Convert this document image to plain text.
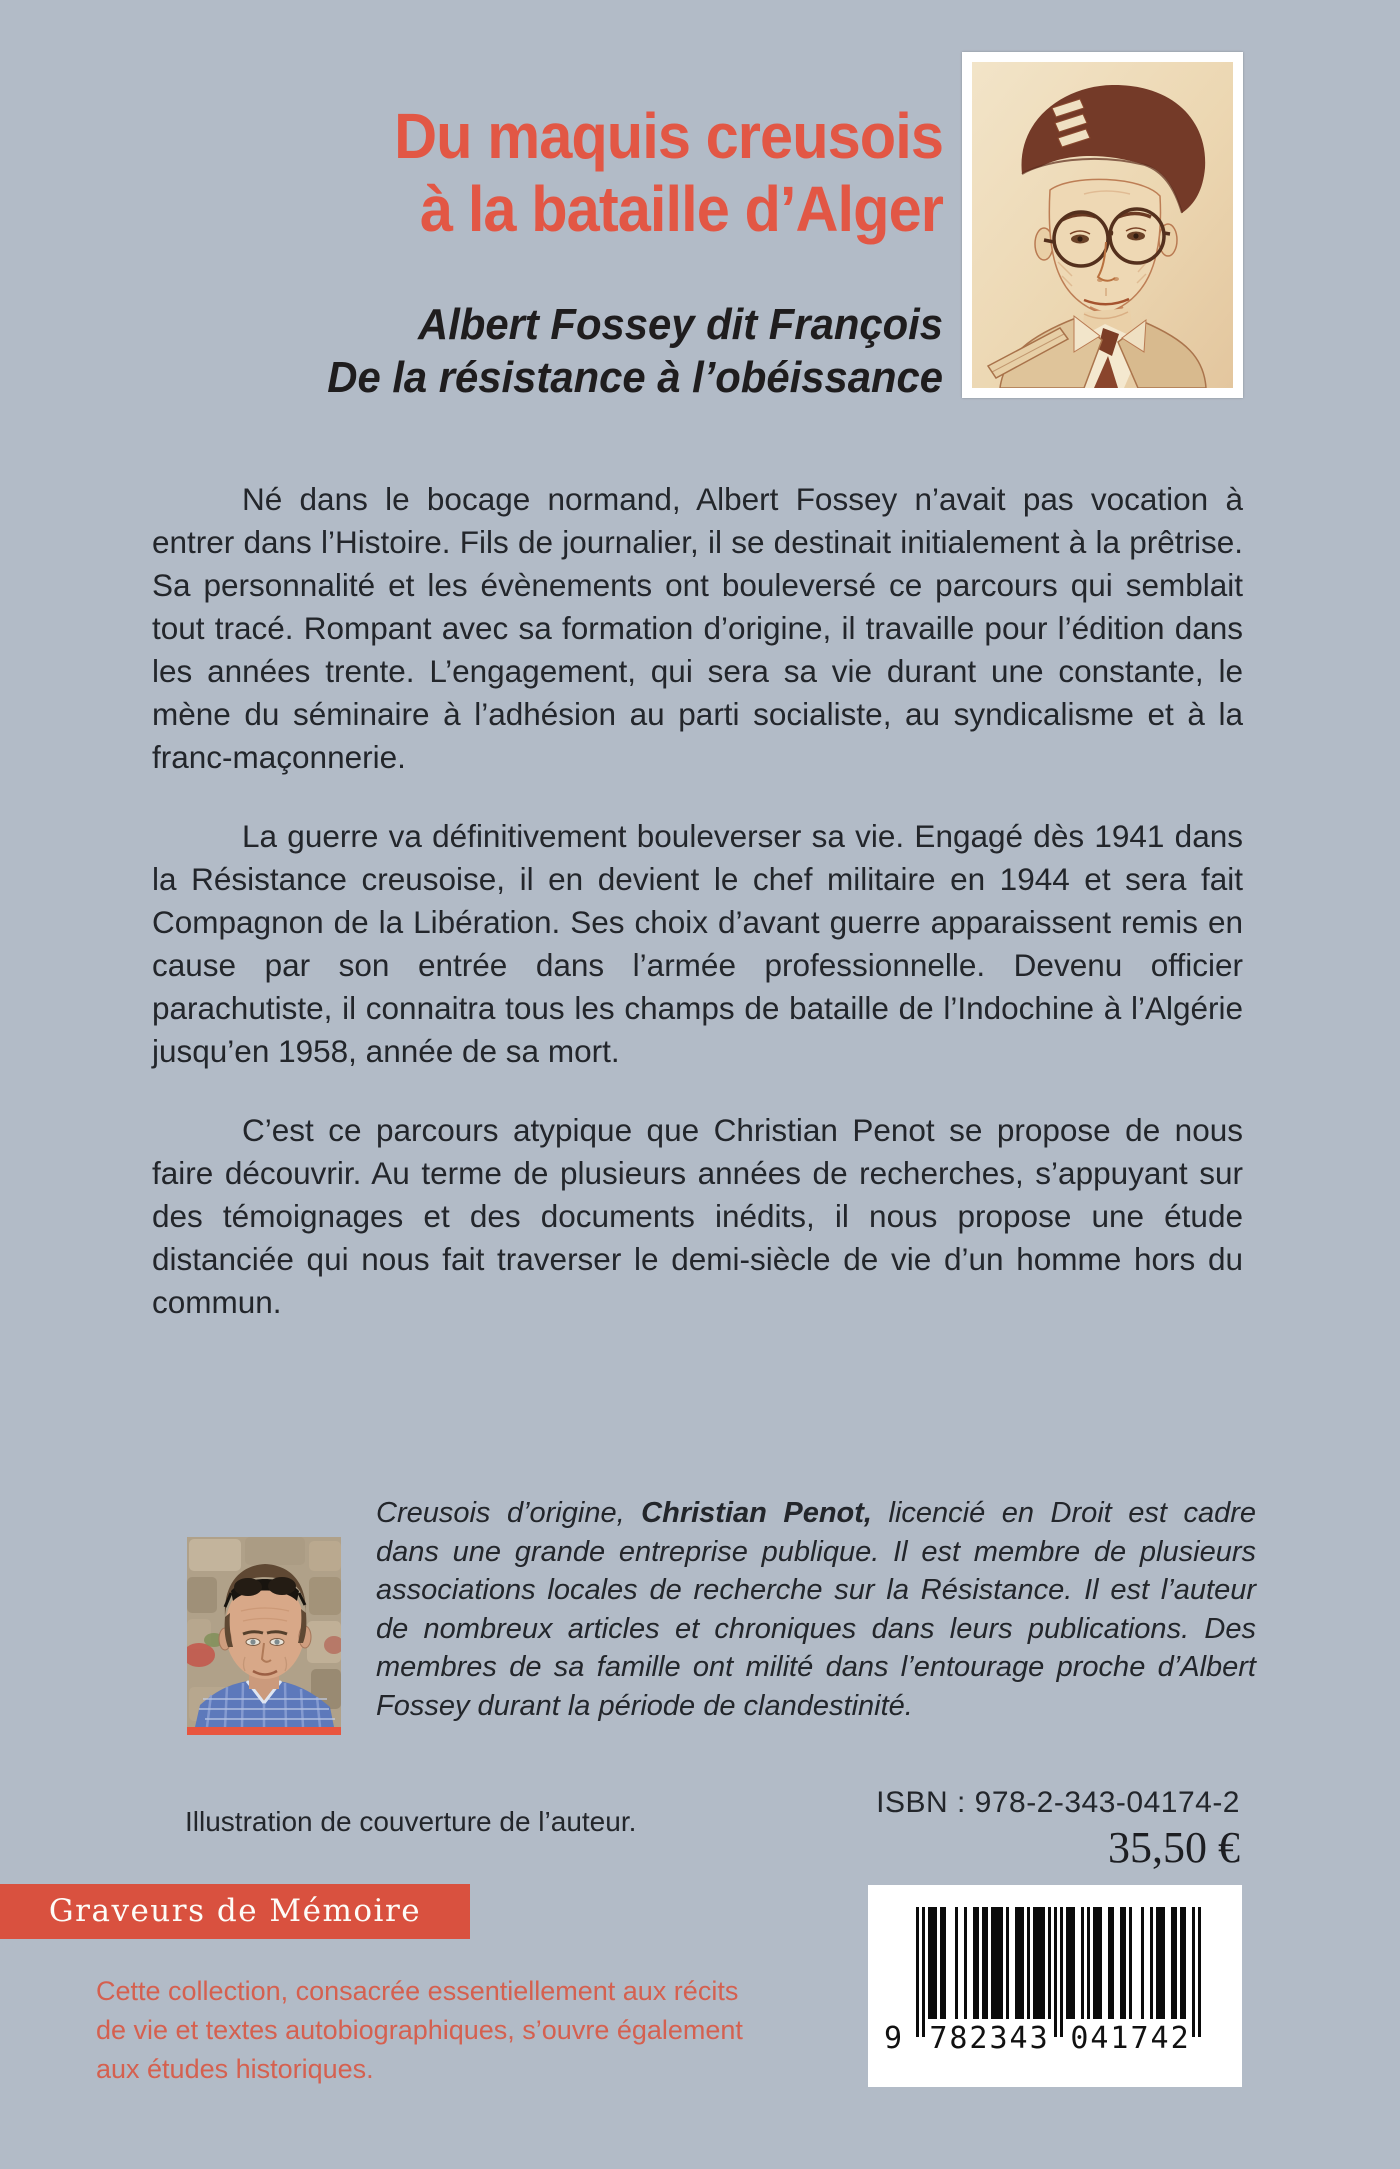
Du maquis creusois
à la bataille d’Alger
Albert Fossey dit François
De la résistance à l’obéissance

Né dans le bocage normand, Albert Fossey n’avait pas vocation à entrer dans l’Histoire. Fils de journalier, il se destinait initialement à la prêtrise. Sa personnalité et les évènements ont bouleversé ce parcours qui semblait tout tracé. Rompant avec sa formation d’origine, il travaille pour l’édition dans les années trente. L’engagement, qui sera sa vie durant une constante, le mène du séminaire à l’adhésion au parti socialiste, au syndicalisme et à la franc-maçonnerie.

La guerre va définitivement bouleverser sa vie. Engagé dès 1941 dans la Résistance creusoise, il en devient le chef militaire en 1944 et sera fait Compagnon de la Libération. Ses choix d’avant guerre apparaissent remis en cause par son entrée dans l’armée professionnelle. Devenu officier parachutiste, il connaitra tous les champs de bataille de l’Indochine à l’Algérie jusqu’en 1958, année de sa mort.

C’est ce parcours atypique que Christian Penot se propose de nous faire découvrir. Au terme de plusieurs années de recherches, s’appuyant sur des témoignages et des documents inédits, il nous propose une étude distanciée qui nous fait traverser le demi-siècle de vie d’un homme hors du commun.

Creusois d’origine, Christian Penot, licencié en Droit est cadre dans une grande entreprise publique. Il est membre de plusieurs associations locales de recherche sur la Résistance. Il est l’auteur de nombreux articles et chroniques dans leurs publications. Des membres de sa famille ont milité dans l’entourage proche d’Albert Fossey durant la période de clandestinité.

Illustration de couverture de l’auteur.

ISBN : 978-2-343-04174-2

35,50 €

Graveurs de Mémoire

Cette collection, consacrée essentiellement aux récits
de vie et textes autobiographiques, s’ouvre également
aux études historiques.

9 782343 041742
